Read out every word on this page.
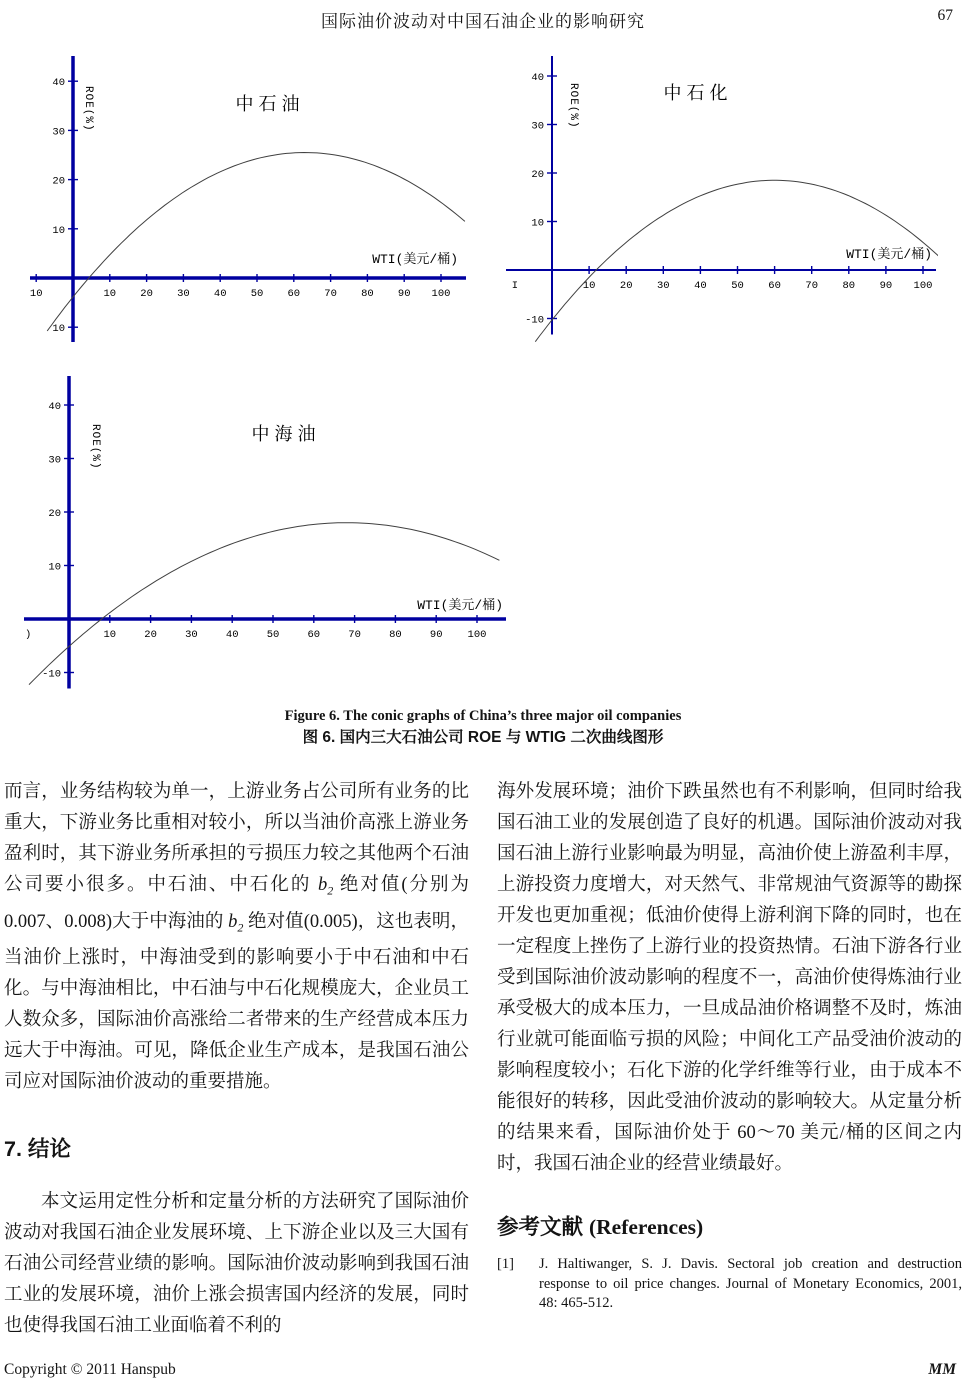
国际油价波动对中国石油企业的影响研究	67
10 20 30 40 50 60 70 80 90 100
10
40
30
20
10
10
中石油
WTI(美元/桶)
ROE(%)
10 20 30 40 50 60 70 80 90 100
I
40
30
20
10
-10
中石化
WTI(美元/桶)
ROE(%)
10	20	30	40	50	60	70	80	90 100
)
40
30
20
10
-10
中海油
WTI(美元/桶)
ROE(%)
Figure 6. The conic graphs of China’s three major oil companies
图 6. 国内三大石油公司 ROE 与 WTIG 二次曲线图形

而言，业务结构较为单一，上游业务占公司所有业务的比重大，下游业务比重相对较小，所以当油价高涨上游业务盈利时，其下游业务所承担的亏损压力较之其他两个石油公司要小很多。中石油、中石化的 $b_2$ 绝对值(分别为 0.007、0.008)大于中海油的 $b_2$ 绝对值(0.005)，这也表明，当油价上涨时，中海油受到的影响要小于中石油和中石化。与中海油相比，中石油与中石化规模庞大，企业员工人数众多，国际油价高涨给二者带来的生产经营成本压力远大于中海油。可见，降低企业生产成本，是我国石油公司应对国际油价波动的重要措施。

7. 结论

本文运用定性分析和定量分析的方法研究了国际油价波动对我国石油企业发展环境、上下游企业以及三大国有石油公司经营业绩的影响。国际油价波动影响到我国石油工业的发展环境，油价上涨会损害国内经济的发展，同时也使得我国石油工业面临着不利的

海外发展环境；油价下跌虽然也有不利影响，但同时给我国石油工业的发展创造了良好的机遇。国际油价波动对我国石油上游行业影响最为明显，高油价使上游盈利丰厚，上游投资力度增大，对天然气、非常规油气资源等的勘探开发也更加重视；低油价使得上游利润下降的同时，也在一定程度上挫伤了上游行业的投资热情。石油下游各行业受到国际油价波动影响的程度不一，高油价使得炼油行业承受极大的成本压力，一旦成品油价格调整不及时，炼油行业就可能面临亏损的风险；中间化工产品受油价波动的影响程度较小；石化下游的化学纤维等行业，由于成本不能很好的转移，因此受油价波动的影响较大。从定量分析的结果来看，国际油价处于 60～70 美元/桶的区间之内时，我国石油企业的经营业绩最好。

参考文献 (References)
[1]	J. Haltiwanger, S. J. Davis. Sectoral job creation and destruction response to oil price changes. Journal of Monetary Economics, 2001, 48: 465-512.
Copyright © 2011 Hanspub	MM
